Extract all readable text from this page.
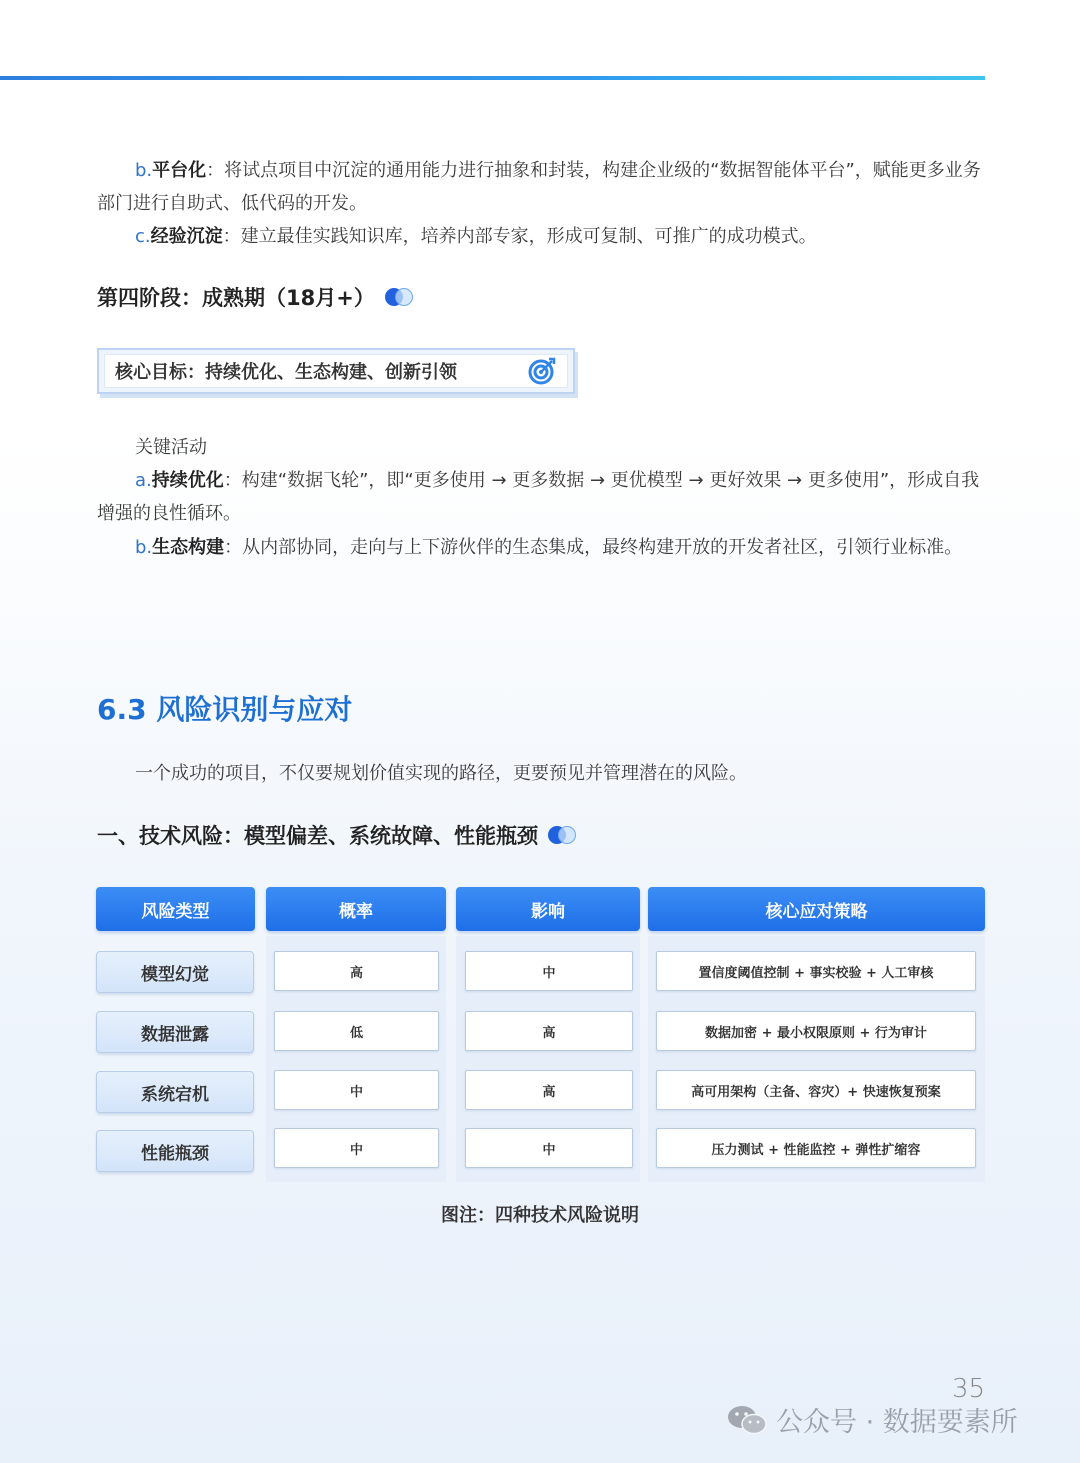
b.平台化：将试点项目中沉淀的通用能力进行抽象和封装，构建企业级的“数据智能体平台”，赋能更多业务部门进行自助式、低代码的开发。
c.经验沉淀：建立最佳实践知识库，培养内部专家，形成可复制、可推广的成功模式。
第四阶段：成熟期（18月+）
核心目标：持续优化、生态构建、创新引领
关键活动
a.持续优化：构建“数据飞轮”，即“更多使用 → 更多数据 → 更优模型 → 更好效果 → 更多使用”，形成自我增强的良性循环。
b.生态构建：从内部协同，走向与上下游伙伴的生态集成，最终构建开放的开发者社区，引领行业标准。
6.3 风险识别与应对
一个成功的项目，不仅要规划价值实现的路径，更要预见并管理潜在的风险。
一、技术风险：模型偏差、系统故障、性能瓶颈
风险类型	概率	影响	核心应对策略
模型幻觉	高	中	置信度阈值控制 + 事实校验 + 人工审核
数据泄露	低	高	数据加密 + 最小权限原则 + 行为审计
系统宕机	中	高	高可用架构（主备、容灾）+ 快速恢复预案
性能瓶颈	中	中	压力测试 + 性能监控 + 弹性扩缩容
图注：四种技术风险说明
35
公众号 · 数据要素所
